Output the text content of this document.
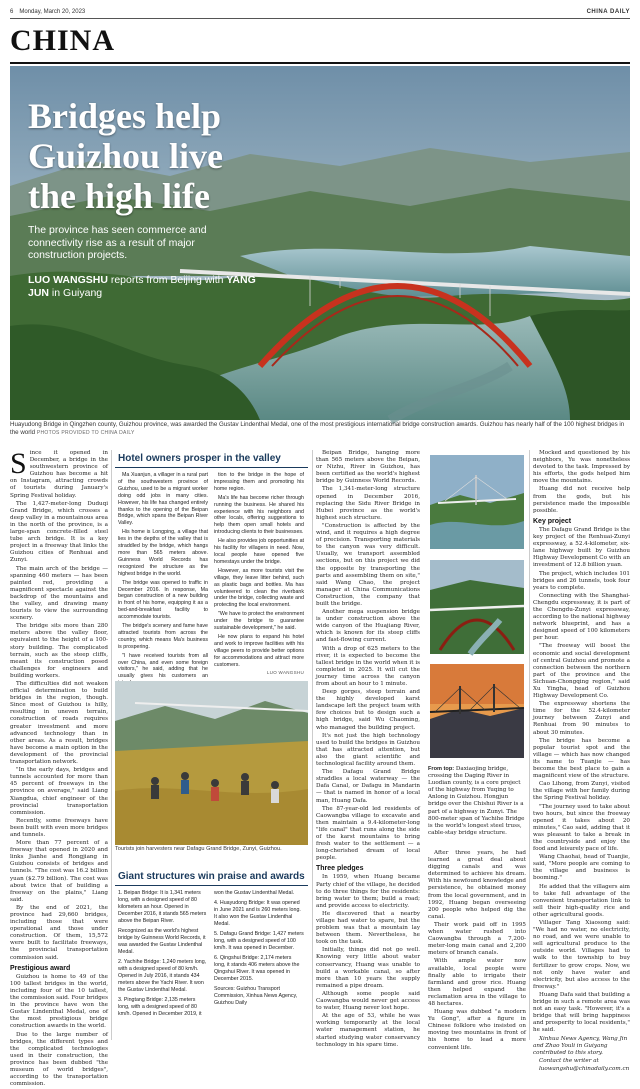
6 Monday, March 20, 2023	CHINA DAILY
CHINA
Bridges help
Guizhou live
the high life
The province has seen commerce and connectivity rise as a result of major construction projects.
LUO WANGSHU reports from Beijing with YANG JUN in Guiyang
Huayudong Bridge in Qingzhen county, Guizhou province, was awarded the Gustav Lindenthal Medal, one of the most prestigious international bridge construction awards. Guizhou has nearly half of the 100 highest bridges in the world PHOTOS PROVIDED TO CHINA DAILY

Since it opened in December, a bridge in the southwestern province of Guizhou has become a hit on Instagram, attracting crowds of tourists during January's Spring Festival holiday.

The 1,427-meter-long Duduqi Grand Bridge, which crosses a deep valley in a mountainous area in the north of the province, is a large-span concrete-filled steel tube arch bridge. It is a key project in a freeway that links the Guizhou cities of Renhuai and Zunyi.

The main arch of the bridge — spanning 460 meters — has been painted red, providing a magnificent spectacle against the backdrop of the mountains and the valley, and drawing many tourists to view the surrounding scenery.

The bridge sits more than 280 meters above the valley floor, equivalent to the height of a 100-story building. The complicated terrain, such as the steep cliffs, meant its construction posed challenges for engineers and building workers.

The difficulties did not weaken official determination to build bridges in the region, though. Since most of Guizhou is hilly, resulting in uneven terrain, construction of roads requires greater investment and more advanced technology than in other areas. As a result, bridges have become a main option in the development of the provincial transportation network.

"In the early days, bridges and tunnels accounted for more than 45 percent of freeways in the province on average," said Liang Xiangdua, chief engineer of the provincial transportation commission.

Recently, some freeways have been built with even more bridges and tunnels.

More than 77 percent of a freeway that opened in 2020 and links Jianhe and Rongjiang in Guizhou consists of bridges and tunnels. "The cost was 16.2 billion yuan ($2.79 billion). The cost was about twice that of building a freeway on the plains," Liang said.

By the end of 2021, the province had 29,660 bridges, including those that were operational and those under construction. Of them, 15,572 were built to facilitate freeways, the provincial transportation commission said.

Prestigious award

Guizhou is home to 49 of the 100 tallest bridges in the world, including four of the 10 tallest, the commission said. Four bridges in the province have won the Gustav Lindenthal Medal, one of the most prestigious bridge construction awards in the world.

Due to the large number of bridges, the different types and the complicated technologies used in their construction, the province has been dubbed "the museum of world bridges", according to the transportation commission.

Hotel owners prosper in the valley

Ma Xuanjun, a villager in a rural part of the southwestern province of Guizhou, used to be a migrant worker doing odd jobs in many cities. However, his life has changed entirely thanks to the opening of the Beipan Bridge, which spans the Beipan River Valley.

His home is Longping, a village that lies in the depths of the valley that is straddled by the bridge, which hangs more than 565 meters above. Guinness World Records has recognized the structure as the highest bridge in the world.

The bridge was opened to traffic in December 2016. In response, Ma began construction of a new building in front of his home, equipping it as a bed-and-breakfast facility to accommodate tourists.

The bridge's scenery and fame have attracted tourists from across the country, which means Ma's business is prospering.

"I have received tourists from all over China, and even some foreign visitors," he said, adding that he usually gives his customers an

tion to the bridge in the hope of impressing them and promoting his home region.

Ma's life has become richer through running the business. He shared his experience with his neighbors and other locals, offering suggestions to help them open small hotels and introducing clients to their businesses.

He also provides job opportunities at his facility for villagers in need. Now, local people have opened five homestays under the bridge.

However, as more tourists visit the village, they leave litter behind, such as plastic bags and bottles. Ma has volunteered to clean the riverbank under the bridge, collecting waste and protecting the local environment.

"We have to protect the environment under the bridge to guarantee sustainable development," he said.

He now plans to expand his hotel and work to improve facilities with his village peers to provide better options for accommodations and attract more customers.

LUO WANGSHU
Tourists join harvesters near Dafagu Grand Bridge, Zunyi, Guizhou.
Giant structures win praise and awards

1. Beipan Bridge: It is 1,341 meters long, with a designed speed of 80 kilometers an hour. Opened in December 2016, it stands 565 meters above the Beipan River.

Recognized as the world's highest bridge by Guinness World Records, it was awarded the Gustav Lindenthal Medal.

2. Yachihe Bridge: 1,240 meters long, with a designed speed of 80 km/h. Opened in July 2016, it stands 434 meters above the Yachi River. It won the Gustav Lindenthal Medal.

3. Pingtang Bridge: 2,135 meters long, with a designed speed of 80 km/h. Opened in December 2019, it

won the Gustav Lindenthal Medal.

4. Huayudong Bridge: It was opened in June 2021 and is 260 meters long. It also won the Gustav Lindenthal Medal.

5. Dafagu Grand Bridge: 1,427 meters long, with a designed speed of 100 km/h. It was opened in December.

6. Qingshui Bridge: 2,174 meters long, it stands 406 meters above the Qingshui River. It was opened in December 2015.

Sources: Guizhou Transport Commission, Xinhua News Agency, Guizhou Daily

Beipan Bridge, hanging more than 565 meters above the Beipan, or Nizhu, River in Guizhou, has been certified as the world's highest bridge by Guinness World Records.

The 1,341-meter-long structure opened in December 2016, replacing the Sidu River Bridge in Hubei province as the world's highest such structure.

"Construction is affected by the wind, and it requires a high degree of precision. Transporting materials to the canyon was very difficult. Usually, we transport assembled sections, but on this project we did the opposite by transporting the parts and assembling them on site," said Wang Chao, the project manager at China Communications Construction, the company that built the bridge.

Another mega suspension bridge is under construction above the wide canyon of the Huajiang River, which is known for its steep cliffs and fast-flowing current.

With a drop of 625 meters to the river, it is expected to become the tallest bridge in the world when it is completed in 2025. It will cut the journey time across the canyon from about an hour to 1 minute.

Deep gorges, steep terrain and the highly developed karst landscape left the project team with few choices but to design such a high bridge, said Wu Chaoming, who managed the building project.

It's not just the high technology used to build the bridges in Guizhou that has attracted attention, but also the giant scientific and technological facility around them.

The Dafagu Grand Bridge straddles a local waterway — the Dafa Canal, or Dafagu in Mandarin — that is named in honor of a local man, Huang Dafa.

The 87-year-old led residents of Caowangba village to excavate and then maintain a 9.4-kilometer-long "life canal" that runs along the side of the karst mountains to bring fresh water to the settlement — a long-cherished dream of local people.

Three pledges

In 1959, when Huang became Party chief of the village, he decided to do three things for the residents: bring water to them; build a road; and provide access to electricity.

He discovered that a nearby village had water to spare, but the problem was that a mountain lay between them. Nevertheless, he took on the task.

Initially, things did not go well. Knowing very little about water conservancy, Huang was unable to build a workable canal, so after more than 10 years the supply remained a pipe dream.

Although some people said Caowangba would never get access to water, Huang never lost hope.

At the age of 53, while he was working temporarily at the local water management station, he started studying water conservancy technology in his spare time.

From top: Daxiaojing bridge, crossing the Daging River in Luodian county, is a core project of the highway from Yuqing to Anlong in Guizhou. Hongjun bridge over the Chishui River is a part of a highway in Zunyi. The 800-meter span of Yachihe Bridge is the world's longest steel truss, cable-stay bridge structure.

After three years, he had learned a great deal about digging canals and was determined to achieve his dream. With his newfound knowledge and persistence, he obtained money from the local government, and in 1992, Huang began overseeing 200 people who helped dig the canal.

Their work paid off in 1995 when water rushed into Caowangba through a 7,200-meter-long main canal and 2,200 meters of branch canals.

With ample water now available, local people were finally able to irrigate their farmland and grow rice. Huang then helped expand the reclamation area in the village to 48 hectares.

Huang was dubbed "a modern Yu Gong", after a figure in Chinese folklore who insisted on moving two mountains in front of his home to lead a more convenient life.

Mocked and questioned by his neighbors, Yu was nonetheless devoted to the task. Impressed by his efforts, the gods helped him move the mountains.

Huang did not receive help from the gods, but his persistence made the impossible possible.

Key project

The Dafagu Grand Bridge is the key project of the Renhuai-Zunyi expressway, a 52.4-kilometer, six-lane highway built by Guizhou Highway Development Co with an investment of 12.8 billion yuan.

The project, which includes 101 bridges and 26 tunnels, took four years to complete.

Connecting with the Shanghai-Chengdu expressway, it is part of the Chengdu-Zunyi expressway, according to the national highway network blueprint, and has a designed speed of 100 kilometers per hour.

"The freeway will boost the economic and social development of central Guizhou and promote a connection between the northern part of the province and the Sichuan-Chongqing region," said Xu Yingha, head of Guizhou Highway Development Co.

The expressway shortens the time for the 52.4-kilometer journey between Zunyi and Renhuai from 90 minutes to about 30 minutes.

The bridge has become a popular tourist spot and the village — which has now changed its name to Tuanjie — has become the best place to gain a magnificent view of the structure.

Cao Lihong, from Zunyi, visited the village with her family during the Spring Festival holiday.

"The journey used to take about two hours, but since the freeway opened it takes about 20 minutes," Cao said, adding that it was pleasant to take a break in the countryside and enjoy the food and leisurely pace of life.

Wang Chaohai, head of Tuanjie, said, "More people are coming to the village and business is booming."

He added that the villagers aim to take full advantage of the convenient transportation link to sell their high-quality rice and other agricultural goods.

Villager Tang Xiaosong said: "We had no water, no electricity, no road, and we were unable to sell agricultural produce to the outside world. Villages had to walk to the township to buy fertilizer to grow crops. Now, we not only have water and electricity, but also access to the freeway."

Huang Dafa said that building a bridge in such a remote area was not an easy task. "However, it's a bridge that will bring happiness and prosperity to local residents," he said.

Xinhua News Agency, Wang Jin and Zhao Youli in Guiyang contributed to this story.

Contact the writer at

luowangshu@chinadaily.com.cn
